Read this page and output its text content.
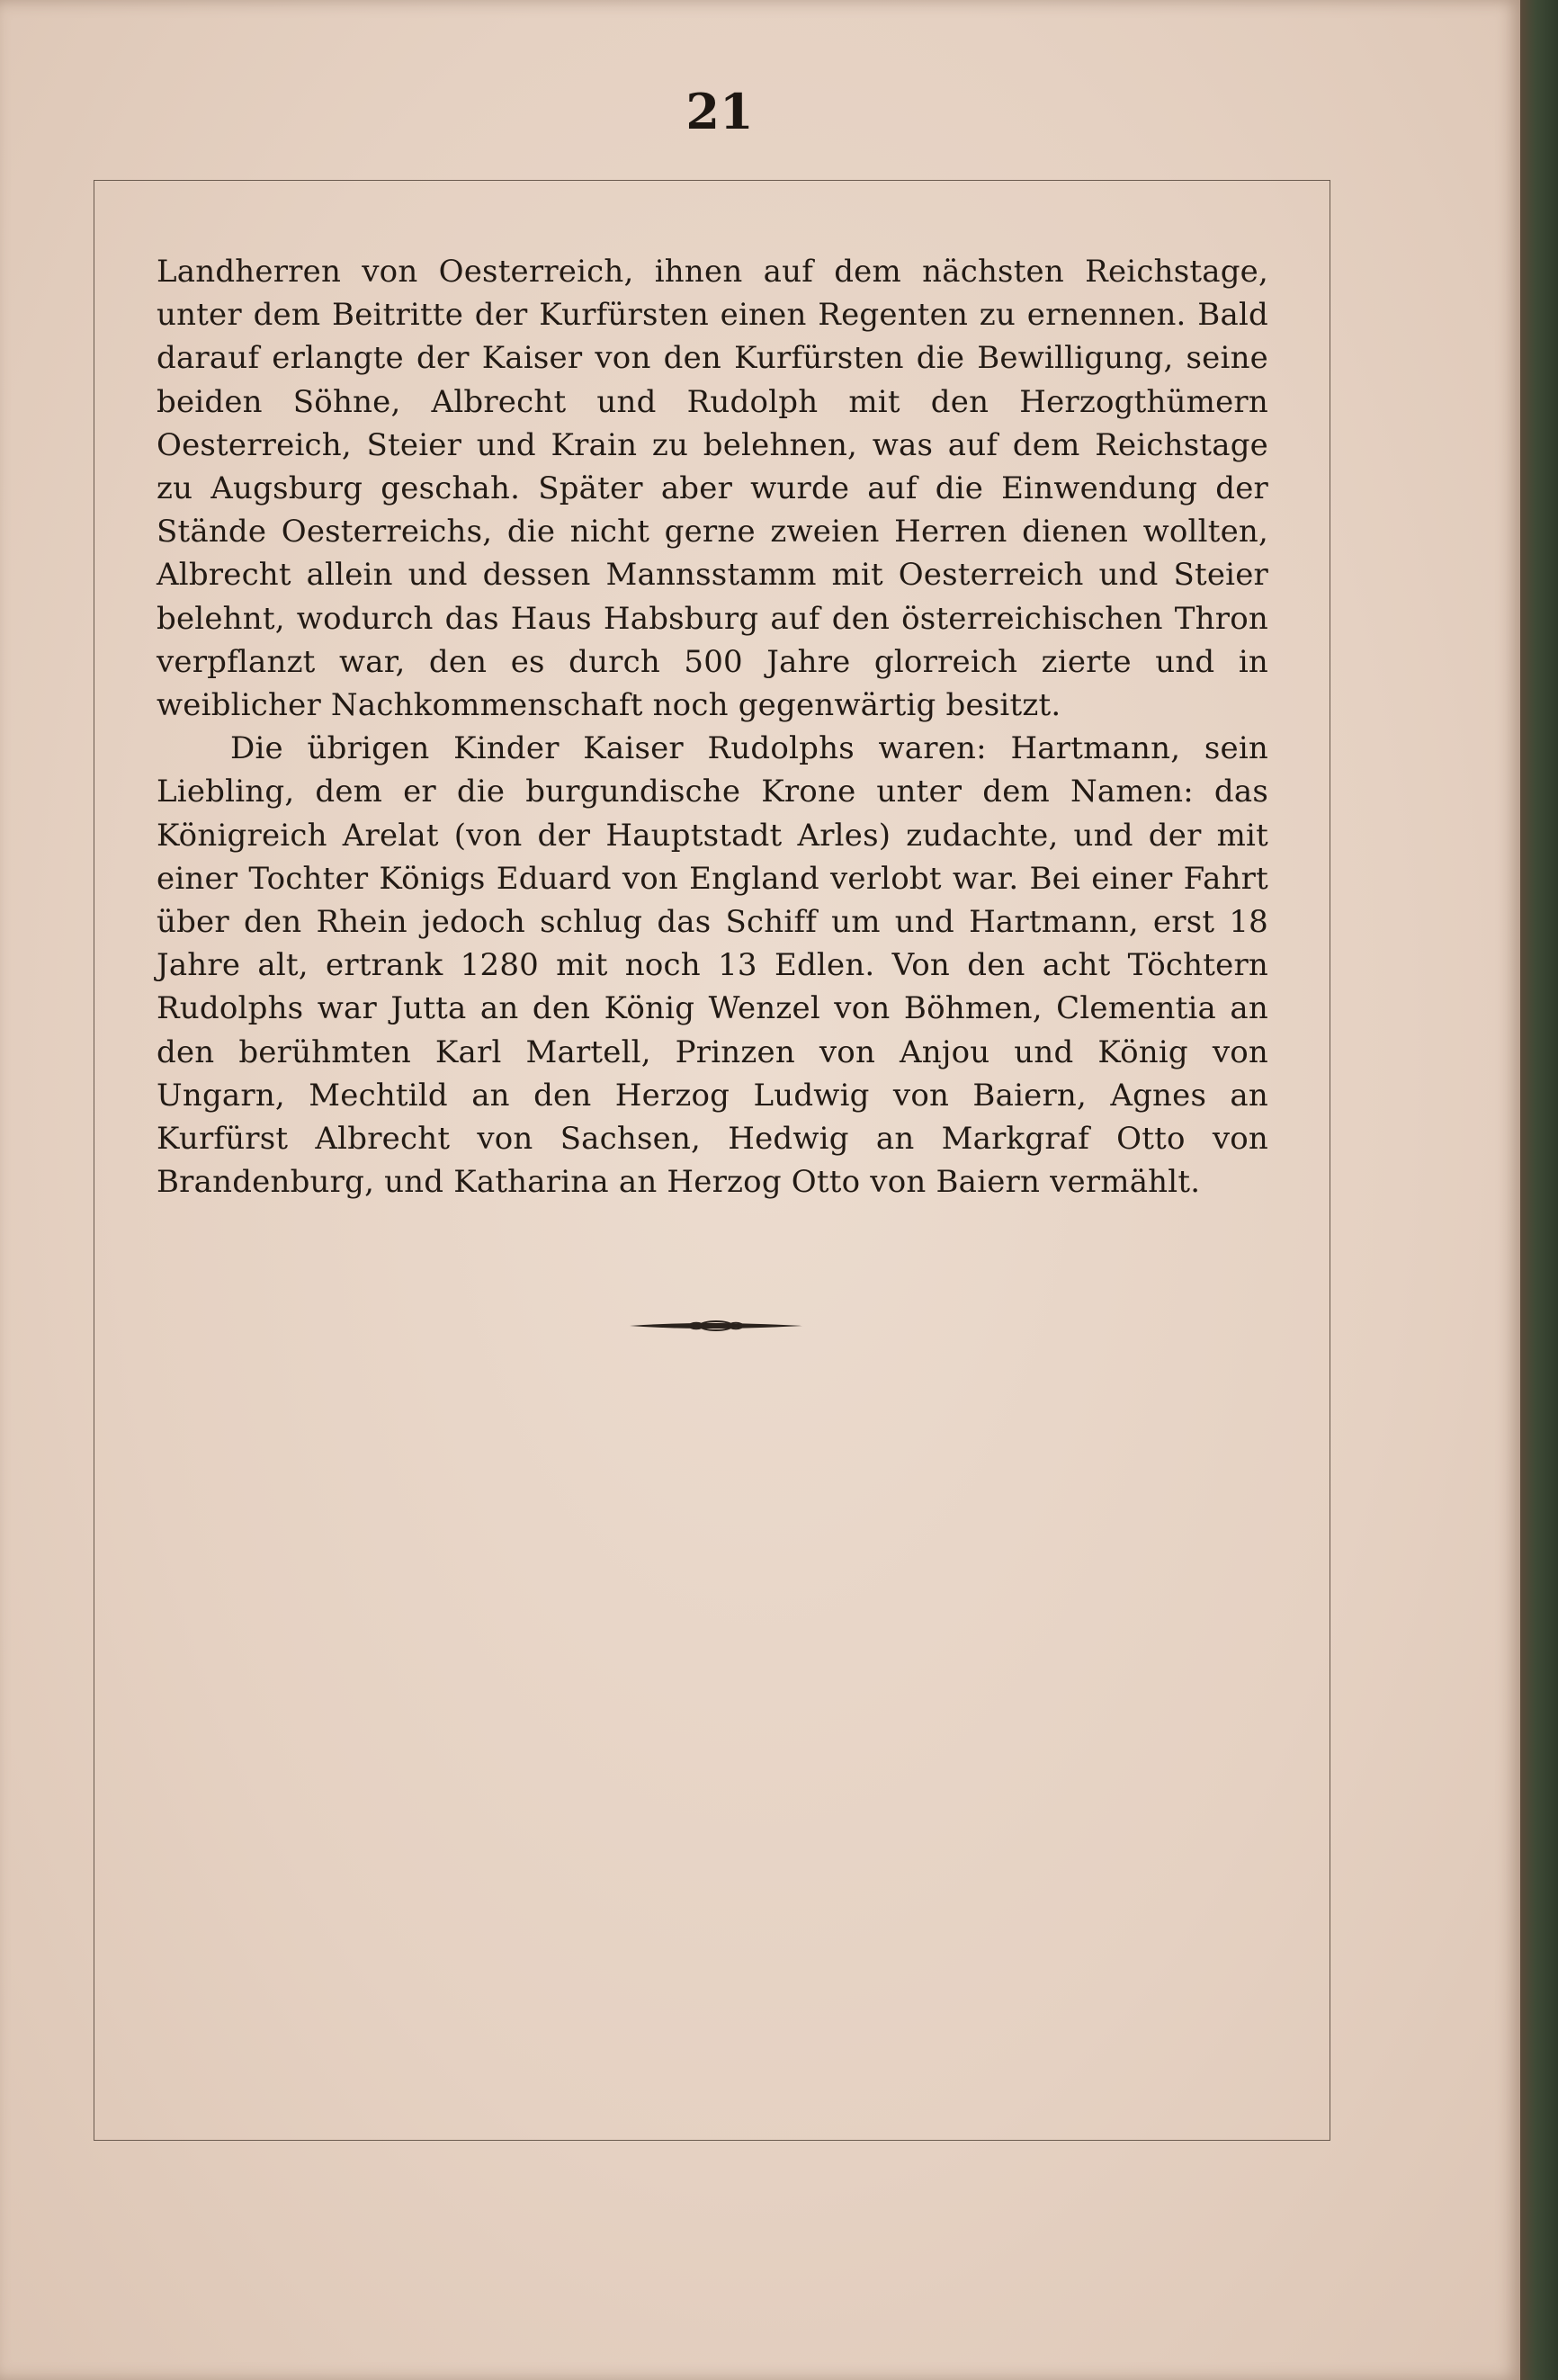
21

Landherren von Oesterreich, ihnen auf dem nächsten Reichstage, unter dem Beitritte der Kurfürsten einen Regenten zu ernennen. Bald darauf erlangte der Kaiser von den Kurfürsten die Bewilligung, seine beiden Söhne, Albrecht und Rudolph mit den Herzogthümern Oesterreich, Steier und Krain zu belehnen, was auf dem Reichstage zu Augsburg geschah. Später aber wurde auf die Einwendung der Stände Oesterreichs, die nicht gerne zweien Herren dienen wollten, Albrecht allein und dessen Mannsstamm mit Oesterreich und Steier belehnt, wodurch das Haus Habsburg auf den österreichischen Thron verpflanzt war, den es durch 500 Jahre glorreich zierte und in weiblicher Nachkommenschaft noch gegenwärtig besitzt.

Die übrigen Kinder Kaiser Rudolphs waren: Hartmann, sein Liebling, dem er die burgundische Krone unter dem Namen: das Königreich Arelat (von der Hauptstadt Arles) zudachte, und der mit einer Tochter Königs Eduard von England verlobt war. Bei einer Fahrt über den Rhein jedoch schlug das Schiff um und Hartmann, erst 18 Jahre alt, ertrank 1280 mit noch 13 Edlen. Von den acht Töchtern Rudolphs war Jutta an den König Wenzel von Böhmen, Clementia an den berühmten Karl Martell, Prinzen von Anjou und König von Ungarn, Mechtild an den Herzog Ludwig von Baiern, Agnes an Kurfürst Albrecht von Sachsen, Hedwig an Markgraf Otto von Brandenburg, und Katharina an Herzog Otto von Baiern vermählt.
